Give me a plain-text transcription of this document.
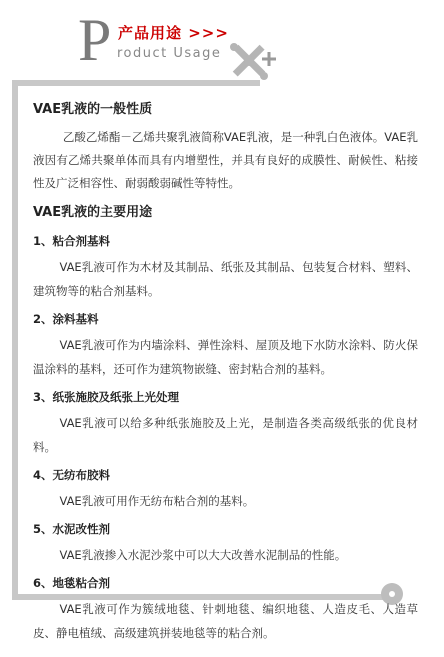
P 产品用途 >>>
roduct Usage
VAE乳液的一般性质
乙酸乙烯酯－乙烯共聚乳液简称VAE乳液，是一种乳白色液体。VAE乳液因有乙烯共聚单体而具有内增塑性，并具有良好的成膜性、耐候性、粘接性及广泛相容性、耐弱酸弱碱性等特性。
VAE乳液的主要用途
1、粘合剂基料
VAE乳液可作为木材及其制品、纸张及其制品、包装复合材料、塑料、建筑物等的粘合剂基料。
2、涂料基料
VAE乳液可作为内墙涂料、弹性涂料、屋顶及地下水防水涂料、防火保温涂料的基料，还可作为建筑物嵌缝、密封粘合剂的基料。
3、纸张施胶及纸张上光处理
VAE乳液可以给多种纸张施胶及上光，是制造各类高级纸张的优良材料。
4、无纺布胶料
VAE乳液可用作无纺布粘合剂的基料。
5、水泥改性剂
VAE乳液掺入水泥沙浆中可以大大改善水泥制品的性能。
6、地毯粘合剂
VAE乳液可作为簇绒地毯、针刺地毯、编织地毯、人造皮毛、人造草皮、静电植绒、高级建筑拼装地毯等的粘合剂。
